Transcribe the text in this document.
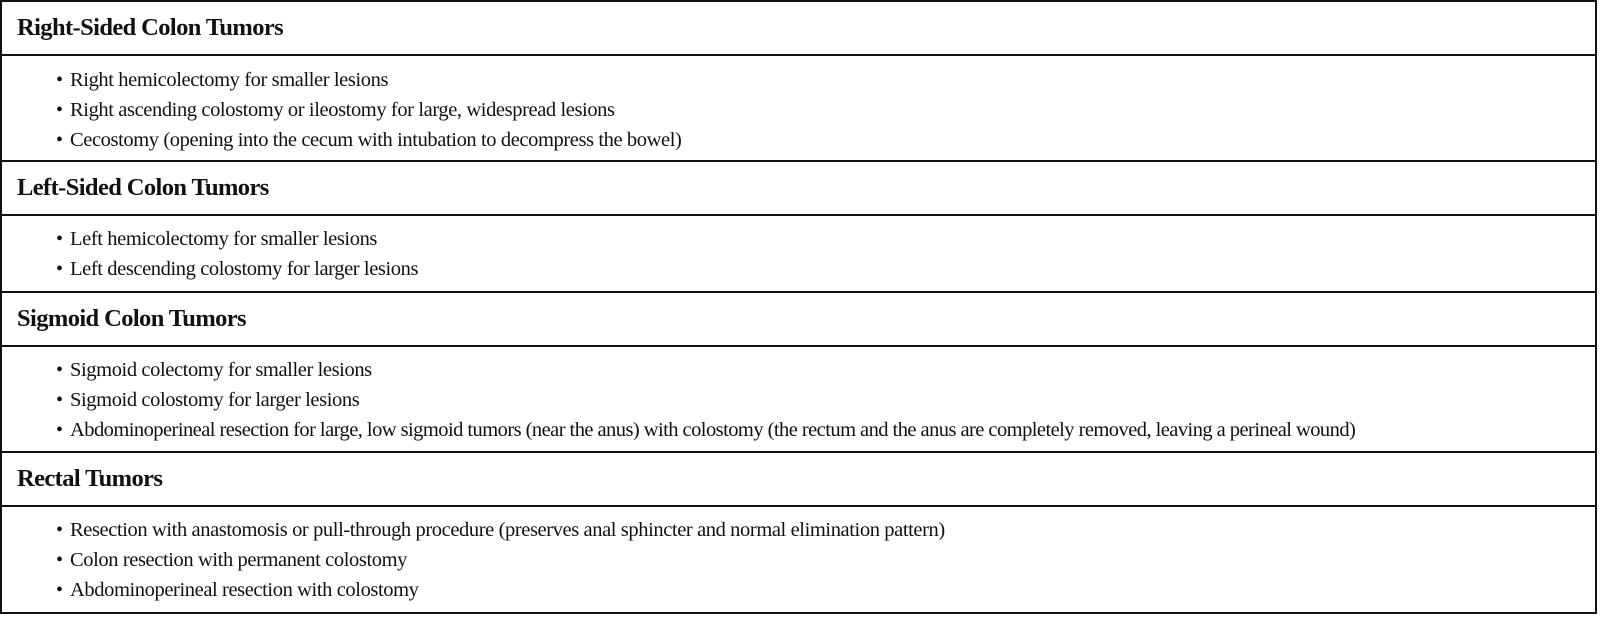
Right-Sided Colon Tumors
• Right hemicolectomy for smaller lesions
• Right ascending colostomy or ileostomy for large, widespread lesions
• Cecostomy (opening into the cecum with intubation to decompress the bowel)
Left-Sided Colon Tumors
• Left hemicolectomy for smaller lesions
• Left descending colostomy for larger lesions
Sigmoid Colon Tumors
• Sigmoid colectomy for smaller lesions
• Sigmoid colostomy for larger lesions
• Abdominoperineal resection for large, low sigmoid tumors (near the anus) with colostomy (the rectum and the anus are completely removed, leaving a perineal wound)
Rectal Tumors
• Resection with anastomosis or pull-through procedure (preserves anal sphincter and normal elimination pattern)
• Colon resection with permanent colostomy
• Abdominoperineal resection with colostomy
